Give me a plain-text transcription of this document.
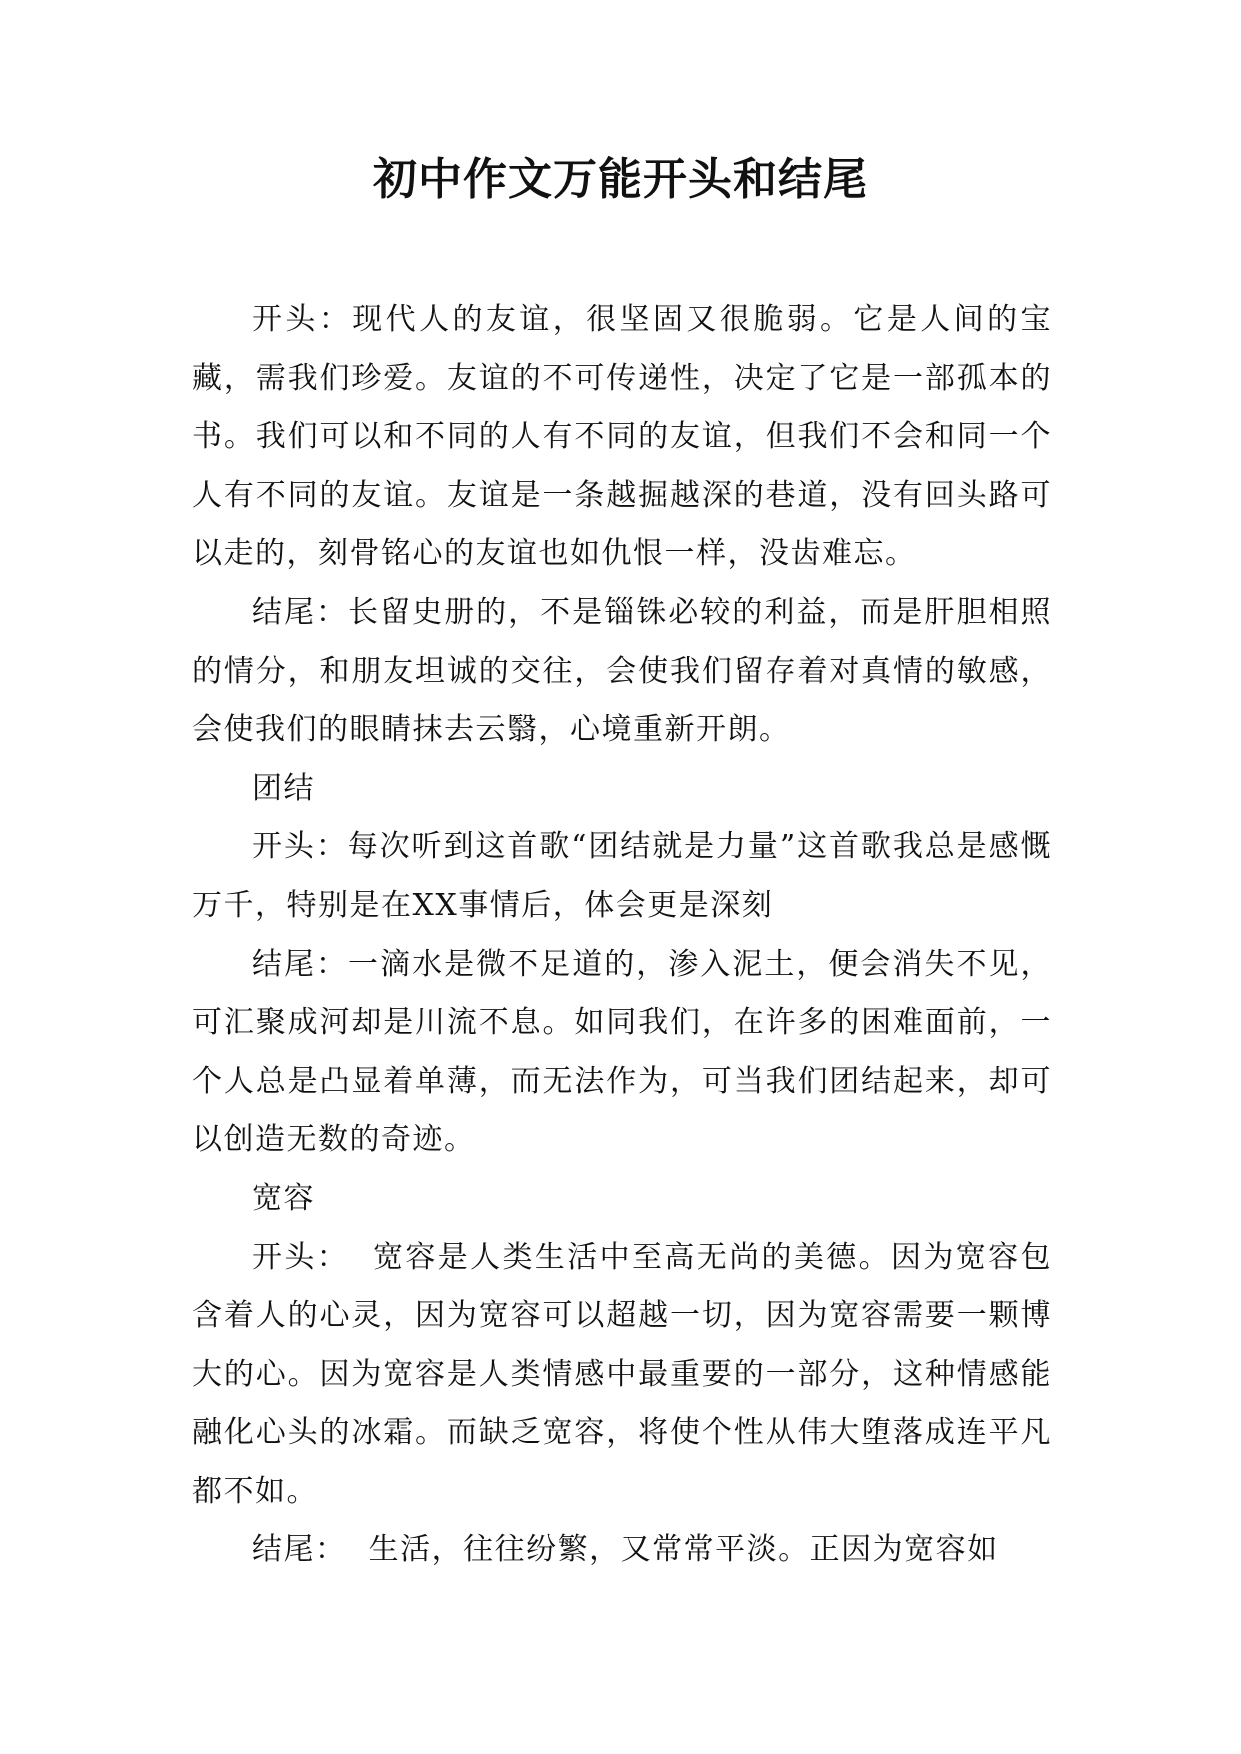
初中作文万能开头和结尾

开头：现代人的友谊，很坚固又很脆弱。它是人间的宝藏，需我们珍爱。友谊的不可传递性，决定了它是一部孤本的书。我们可以和不同的人有不同的友谊，但我们不会和同一个人有不同的友谊。友谊是一条越掘越深的巷道，没有回头路可以走的，刻骨铭心的友谊也如仇恨一样，没齿难忘。

结尾：长留史册的，不是锱铢必较的利益，而是肝胆相照的情分，和朋友坦诚的交往，会使我们留存着对真情的敏感，会使我们的眼睛抹去云翳，心境重新开朗。

团结

开头：每次听到这首歌“团结就是力量”这首歌我总是感慨万千，特别是在XX事情后，体会更是深刻

结尾：一滴水是微不足道的，渗入泥土，便会消失不见，可汇聚成河却是川流不息。如同我们，在许多的困难面前，一个人总是凸显着单薄，而无法作为，可当我们团结起来，却可以创造无数的奇迹。

宽容

开头：  宽容是人类生活中至高无尚的美德。因为宽容包含着人的心灵，因为宽容可以超越一切，因为宽容需要一颗博大的心。因为宽容是人类情感中最重要的一部分，这种情感能融化心头的冰霜。而缺乏宽容，将使个性从伟大堕落成连平凡都不如。

结尾：  生活，往往纷繁，又常常平淡。正因为宽容如
